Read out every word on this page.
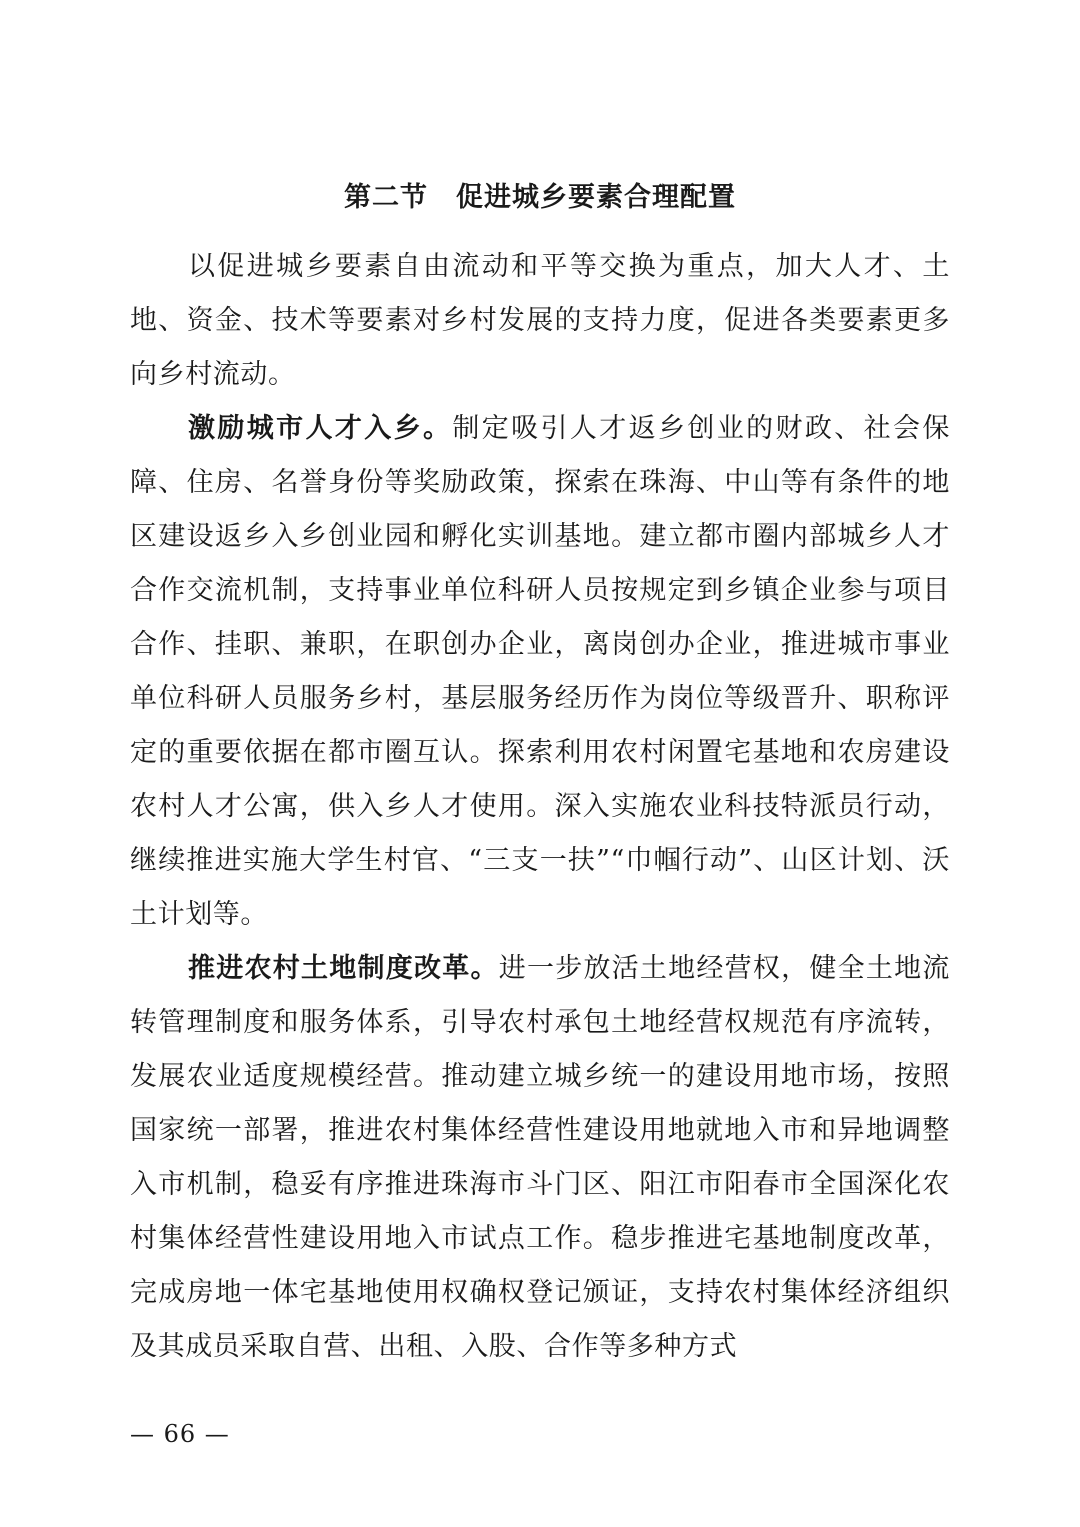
第二节　促进城乡要素合理配置

以促进城乡要素自由流动和平等交换为重点，加大人才、土地、资金、技术等要素对乡村发展的支持力度，促进各类要素更多向乡村流动。

激励城市人才入乡。制定吸引人才返乡创业的财政、社会保障、住房、名誉身份等奖励政策，探索在珠海、中山等有条件的地区建设返乡入乡创业园和孵化实训基地。建立都市圈内部城乡人才合作交流机制，支持事业单位科研人员按规定到乡镇企业参与项目合作、挂职、兼职，在职创办企业，离岗创办企业，推进城市事业单位科研人员服务乡村，基层服务经历作为岗位等级晋升、职称评定的重要依据在都市圈互认。探索利用农村闲置宅基地和农房建设农村人才公寓，供入乡人才使用。深入实施农业科技特派员行动，继续推进实施大学生村官、“三支一扶”“巾帼行动”、山区计划、沃土计划等。

推进农村土地制度改革。进一步放活土地经营权，健全土地流转管理制度和服务体系，引导农村承包土地经营权规范有序流转，发展农业适度规模经营。推动建立城乡统一的建设用地市场，按照国家统一部署，推进农村集体经营性建设用地就地入市和异地调整入市机制，稳妥有序推进珠海市斗门区、阳江市阳春市全国深化农村集体经营性建设用地入市试点工作。稳步推进宅基地制度改革，完成房地一体宅基地使用权确权登记颁证，支持农村集体经济组织及其成员采取自营、出租、入股、合作等多种方式

— 66 —
